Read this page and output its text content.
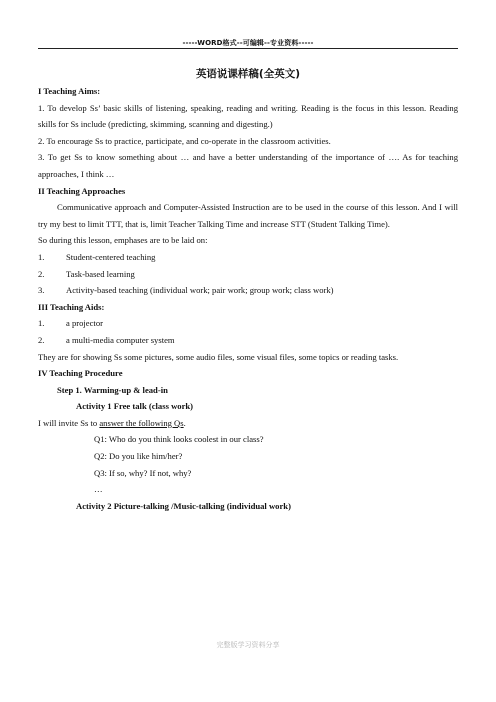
-----WORD格式--可编辑--专业资料-----
英语说课样稿(全英文)

I Teaching Aims:

1. To develop Ss’ basic skills of listening, speaking, reading and writing. Reading is the focus in this lesson. Reading skills for Ss include (predicting, skimming, scanning and digesting.)

2. To encourage Ss to practice, participate, and co-operate in the classroom activities.

3. To get Ss to know something about … and have a better understanding of the importance of …. As for teaching approaches, I think …

II Teaching Approaches

Communicative approach and Computer-Assisted Instruction are to be used in the course of this lesson. And I will try my best to limit TTT, that is, limit Teacher Talking Time and increase STT (Student Talking Time).

So during this lesson, emphases are to be laid on:

1.	Student-centered teaching
2.	Task-based learning
3.	Activity-based teaching (individual work; pair work; group work; class work)

III Teaching Aids:

1.	a projector
2.	a multi-media computer system

They are for showing Ss some pictures, some audio files, some visual files, some topics or reading tasks.

IV Teaching Procedure

Step 1. Warming-up & lead-in

Activity 1 Free talk (class work)

I will invite Ss to answer the following Qs.

Q1: Who do you think looks coolest in our class?

Q2: Do you like him/her?

Q3: If so, why? If not, why?

…

Activity 2 Picture-talking /Music-talking (individual work)

完整版学习资料分享
